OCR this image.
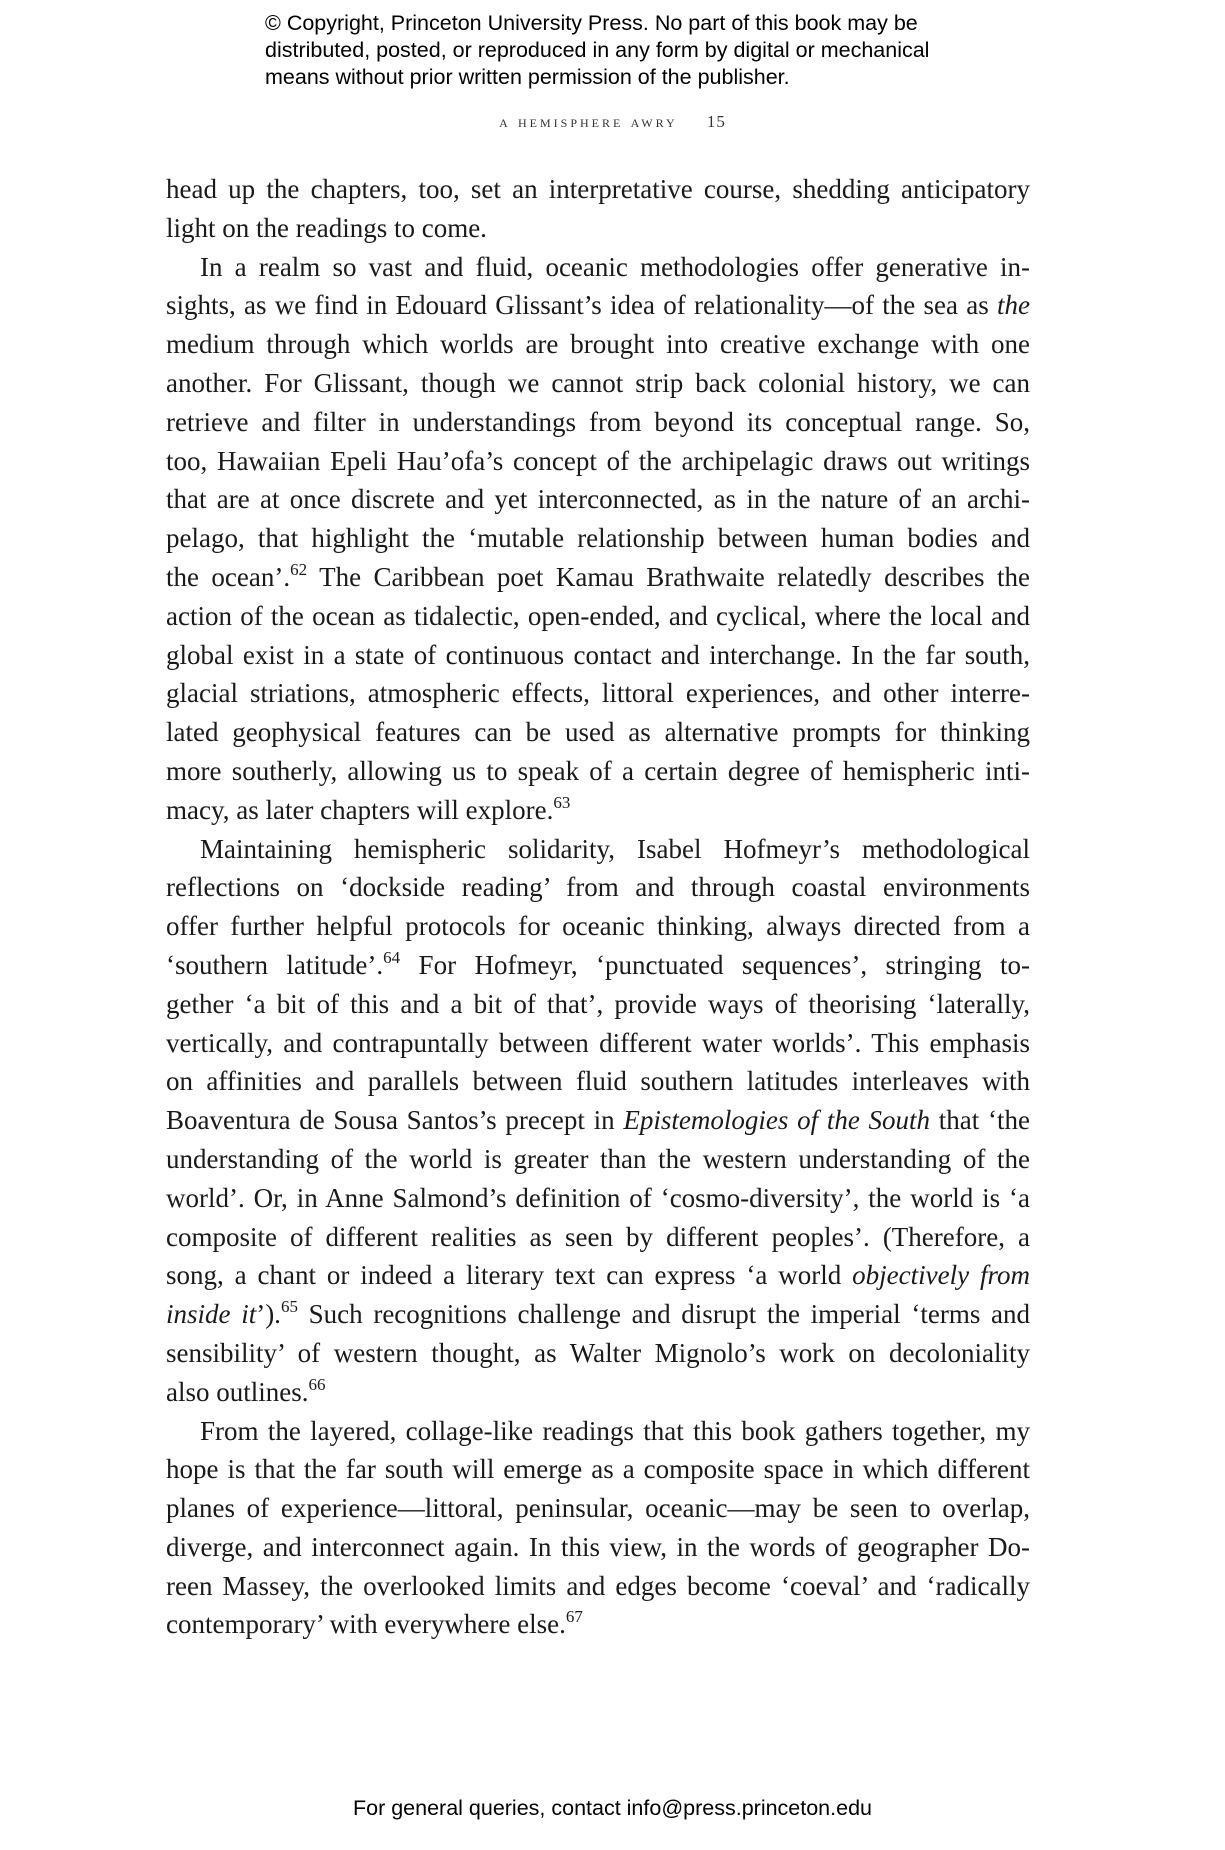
© Copyright, Princeton University Press. No part of this book may be
distributed, posted, or reproduced in any form by digital or mechanical
means without prior written permission of the publisher.
a hemisphere awry 15
head up the chapters, too, set an interpretative course, shedding anticipatory
light on the readings to come.
In a realm so vast and fluid, oceanic methodologies offer generative in-
sights, as we find in Edouard Glissant’s idea of relationality—of the sea as the
medium through which worlds are brought into creative exchange with one
another. For Glissant, though we cannot strip back colonial history, we can
retrieve and filter in understandings from beyond its conceptual range. So,
too, Hawaiian Epeli Hau’ofa’s concept of the archipelagic draws out writings
that are at once discrete and yet interconnected, as in the nature of an archi-
pelago, that highlight the ‘mutable relationship between human bodies and
the ocean’.$^{62}$ The Caribbean poet Kamau Brathwaite relatedly describes the
action of the ocean as tidalectic, open-ended, and cyclical, where the local and
global exist in a state of continuous contact and interchange. In the far south,
glacial striations, atmospheric effects, littoral experiences, and other interre-
lated geophysical features can be used as alternative prompts for thinking
more southerly, allowing us to speak of a certain degree of hemispheric inti-
macy, as later chapters will explore.$^{63}$
Maintaining hemispheric solidarity, Isabel Hofmeyr’s methodological
reflections on ‘dockside reading’ from and through coastal environments
offer further helpful protocols for oceanic thinking, always directed from a
‘southern latitude’.$^{64}$ For Hofmeyr, ‘punctuated sequences’, stringing to-
gether ‘a bit of this and a bit of that’, provide ways of theorising ‘laterally,
vertically, and contrapuntally between different water worlds’. This emphasis
on affinities and parallels between fluid southern latitudes interleaves with
Boaventura de Sousa Santos’s precept in Epistemologies of the South that ‘the
understanding of the world is greater than the western understanding of the
world’. Or, in Anne Salmond’s definition of ‘cosmo-diversity’, the world is ‘a
composite of different realities as seen by different peoples’. (Therefore, a
song, a chant or indeed a literary text can express ‘a world objectively from
inside it’).$^{65}$ Such recognitions challenge and disrupt the imperial ‘terms and
sensibility’ of western thought, as Walter Mignolo’s work on decoloniality
also outlines.$^{66}$
From the layered, collage-like readings that this book gathers together, my
hope is that the far south will emerge as a composite space in which different
planes of experience—littoral, peninsular, oceanic—may be seen to overlap,
diverge, and interconnect again. In this view, in the words of geographer Do-
reen Massey, the overlooked limits and edges become ‘coeval’ and ‘radically
contemporary’ with everywhere else.$^{67}$
For general queries, contact info@press.princeton.edu
